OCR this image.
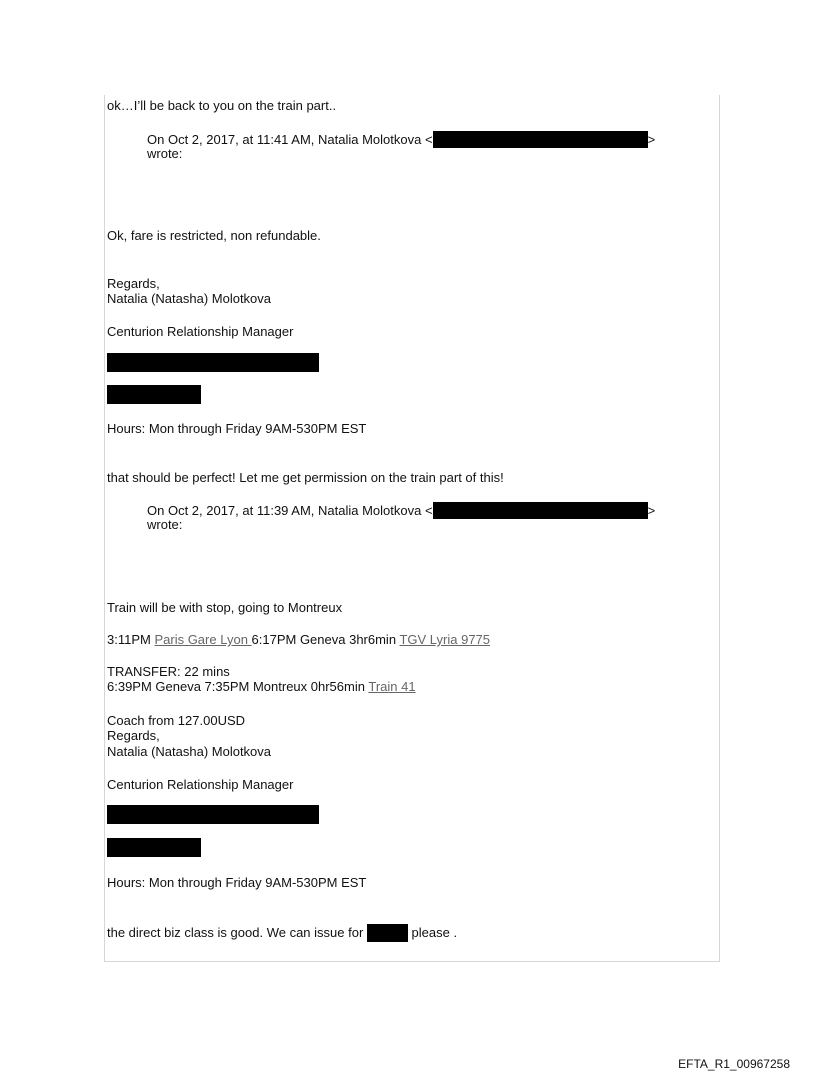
ok…I’ll be back to you on the train part..
On Oct 2, 2017, at 11:41 AM, Natalia Molotkova <	>
wrote:
Ok, fare is restricted, non refundable.
Regards,
Natalia (Natasha) Molotkova
Centurion Relationship Manager
Hours: Mon through Friday 9AM-530PM EST
that should be perfect! Let me get permission on the train part of this!
On Oct 2, 2017, at 11:39 AM, Natalia Molotkova <	>
wrote:
Train will be with stop, going to Montreux
3:11PM Paris Gare Lyon 6:17PM Geneva 3hr6min TGV Lyria 9775
TRANSFER: 22 mins
6:39PM Geneva 7:35PM Montreux 0hr56min Train 41
Coach from 127.00USD
Regards,
Natalia (Natasha) Molotkova
Centurion Relationship Manager
Hours: Mon through Friday 9AM-530PM EST
the direct biz class is good. We can issue for	please .
EFTA_R1_00967258
